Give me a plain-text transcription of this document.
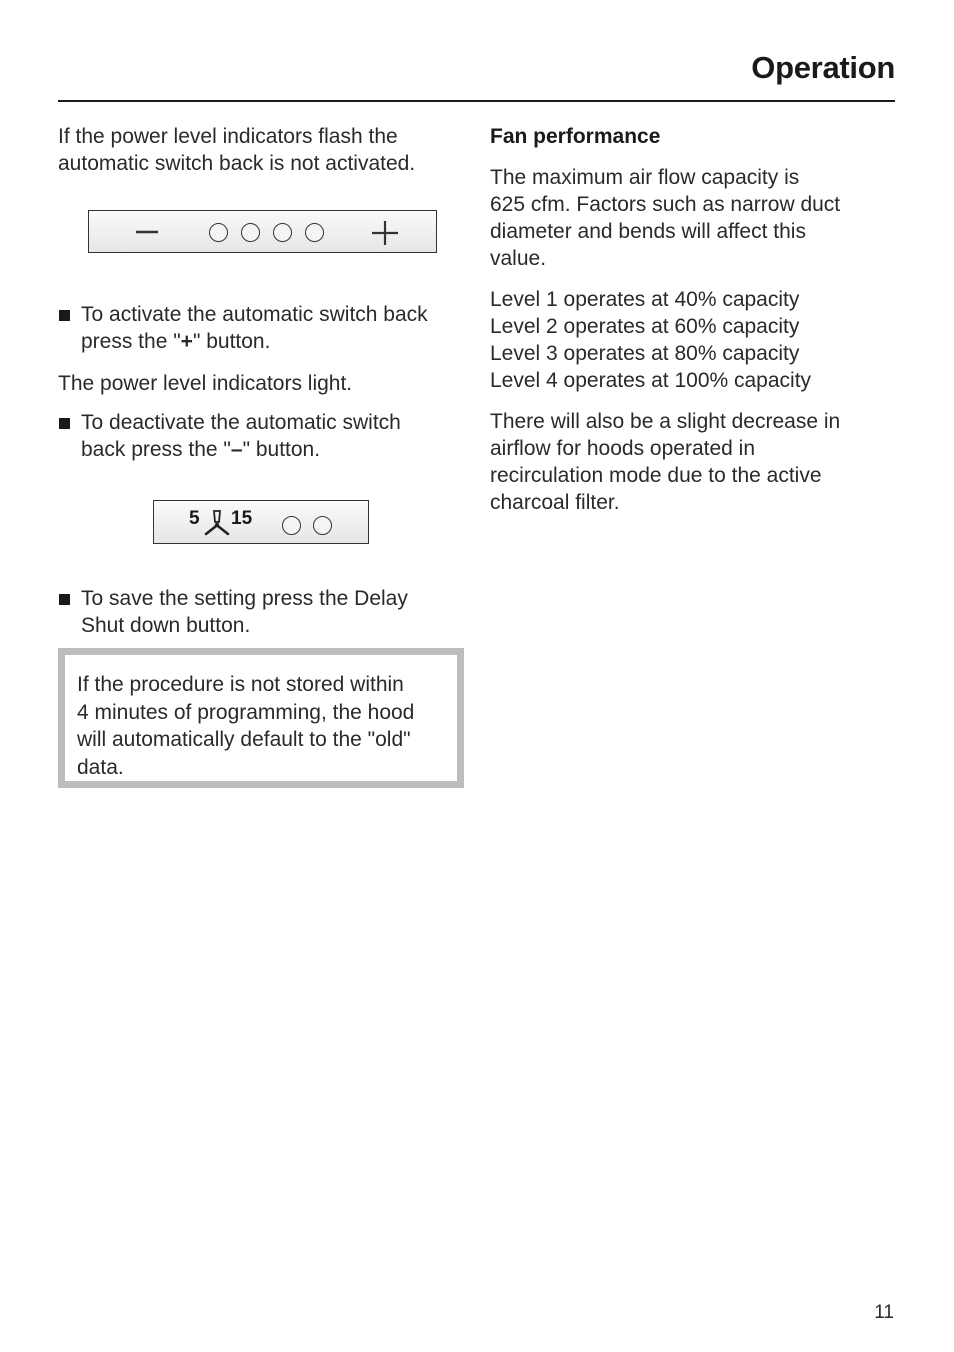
Operation

If the power level indicators flash the
automatic switch back is not activated.

To activate the automatic switch back
press the "+" button.

The power level indicators light.

To deactivate the automatic switch
back press the "–" button.
5 15
To save the setting press the Delay
Shut down button.
If the procedure is not stored within
4 minutes of programming, the hood
will automatically default to the "old"
data.

Fan performance

The maximum air flow capacity is
625 cfm. Factors such as narrow duct
diameter and bends will affect this
value.

Level 1 operates at 40% capacity
Level 2 operates at 60% capacity
Level 3 operates at 80% capacity
Level 4 operates at 100% capacity

There will also be a slight decrease in
airflow for hoods operated in
recirculation mode due to the active
charcoal filter.

11
